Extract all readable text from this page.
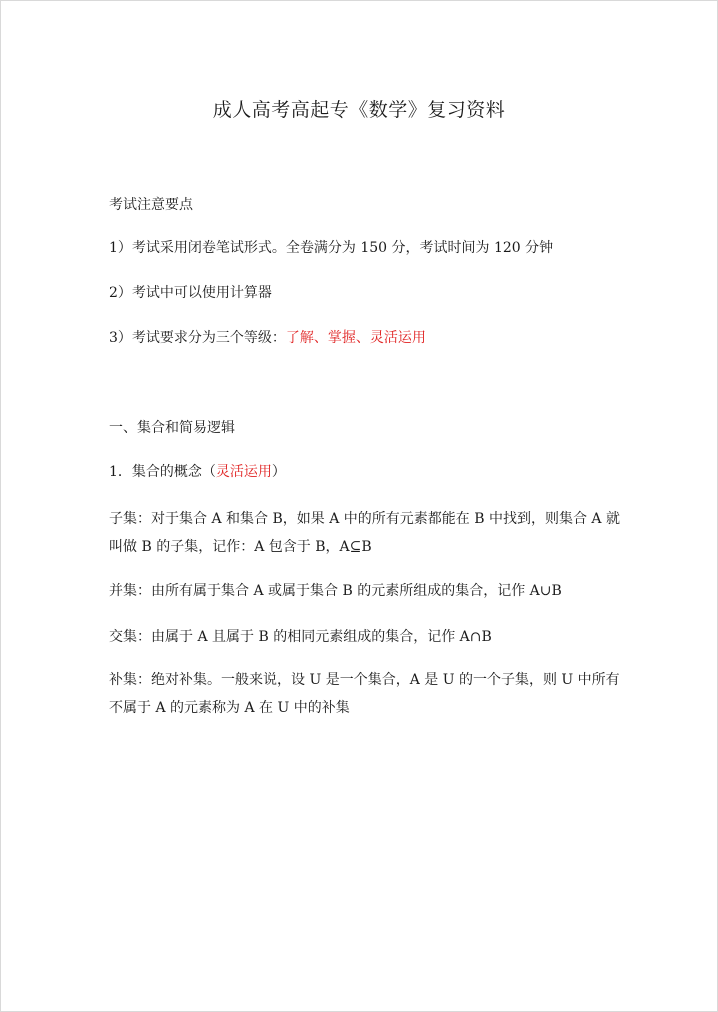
成人高考高起专《数学》复习资料
考试注意要点
1）考试采用闭卷笔试形式。全卷满分为 150 分，考试时间为 120 分钟
2）考试中可以使用计算器
3）考试要求分为三个等级：了解、掌握、灵活运用
一、集合和简易逻辑
1．集合的概念（灵活运用）
子集：对于集合 A 和集合 B，如果 A 中的所有元素都能在 B 中找到，则集合 A 就
叫做 B 的子集，记作：A 包含于 B，A⊆B
并集：由所有属于集合 A 或属于集合 B 的元素所组成的集合，记作 A∪B
交集：由属于 A 且属于 B 的相同元素组成的集合，记作 A∩B
补集：绝对补集。一般来说，设 U 是一个集合，A 是 U 的一个子集，则 U 中所有
不属于 A 的元素称为 A 在 U 中的补集
